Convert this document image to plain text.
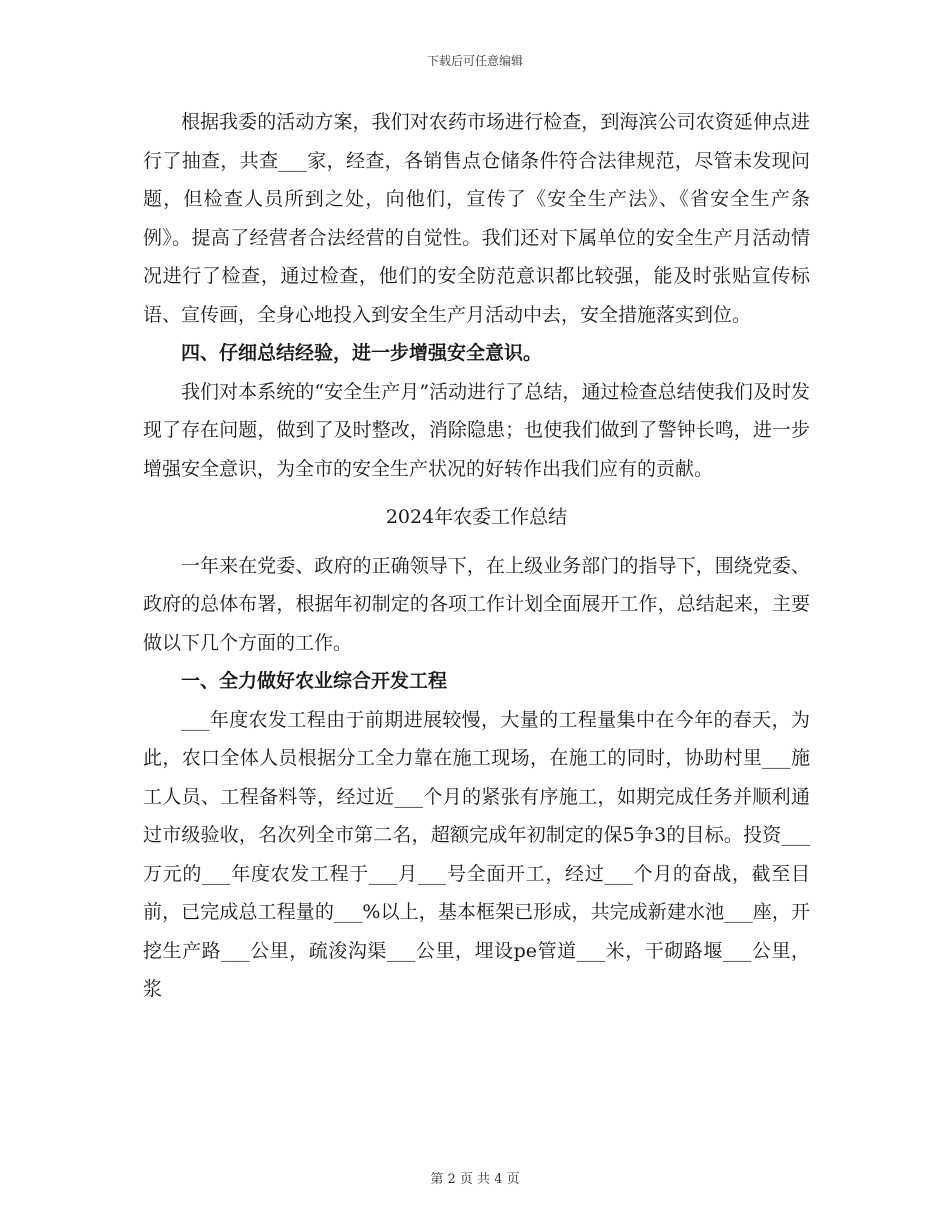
下载后可任意编辑

根据我委的活动方案，我们对农药市场进行检查，到海滨公司农资延伸点进行了抽查，共查___家，经查，各销售点仓储条件符合法律规范，尽管未发现问题，但检查人员所到之处，向他们，宣传了《安全生产法》、《省安全生产条例》。提高了经营者合法经营的自觉性。我们还对下属单位的安全生产月活动情况进行了检查，通过检查，他们的安全防范意识都比较强，能及时张贴宣传标语、宣传画，全身心地投入到安全生产月活动中去，安全措施落实到位。

四、仔细总结经验，进一步增强安全意识。

我们对本系统的“安全生产月”活动进行了总结，通过检查总结使我们及时发现了存在问题，做到了及时整改，消除隐患；也使我们做到了警钟长鸣，进一步增强安全意识，为全市的安全生产状况的好转作出我们应有的贡献。

2024年农委工作总结

一年来在党委、政府的正确领导下，在上级业务部门的指导下，围绕党委、政府的总体布署，根据年初制定的各项工作计划全面展开工作，总结起来，主要做以下几个方面的工作。

一、全力做好农业综合开发工程

___年度农发工程由于前期进展较慢，大量的工程量集中在今年的春天，为此，农口全体人员根据分工全力靠在施工现场，在施工的同时，协助村里___施工人员、工程备料等，经过近___个月的紧张有序施工，如期完成任务并顺利通过市级验收，名次列全市第二名，超额完成年初制定的保5争3的目标。投资___万元的___年度农发工程于___月___号全面开工，经过___个月的奋战，截至目前，已完成总工程量的___%以上，基本框架已形成，共完成新建水池___座，开挖生产路___公里，疏浚沟渠___公里，埋设pe管道___米，干砌路堰___公里，浆

第 2 页 共 4 页
